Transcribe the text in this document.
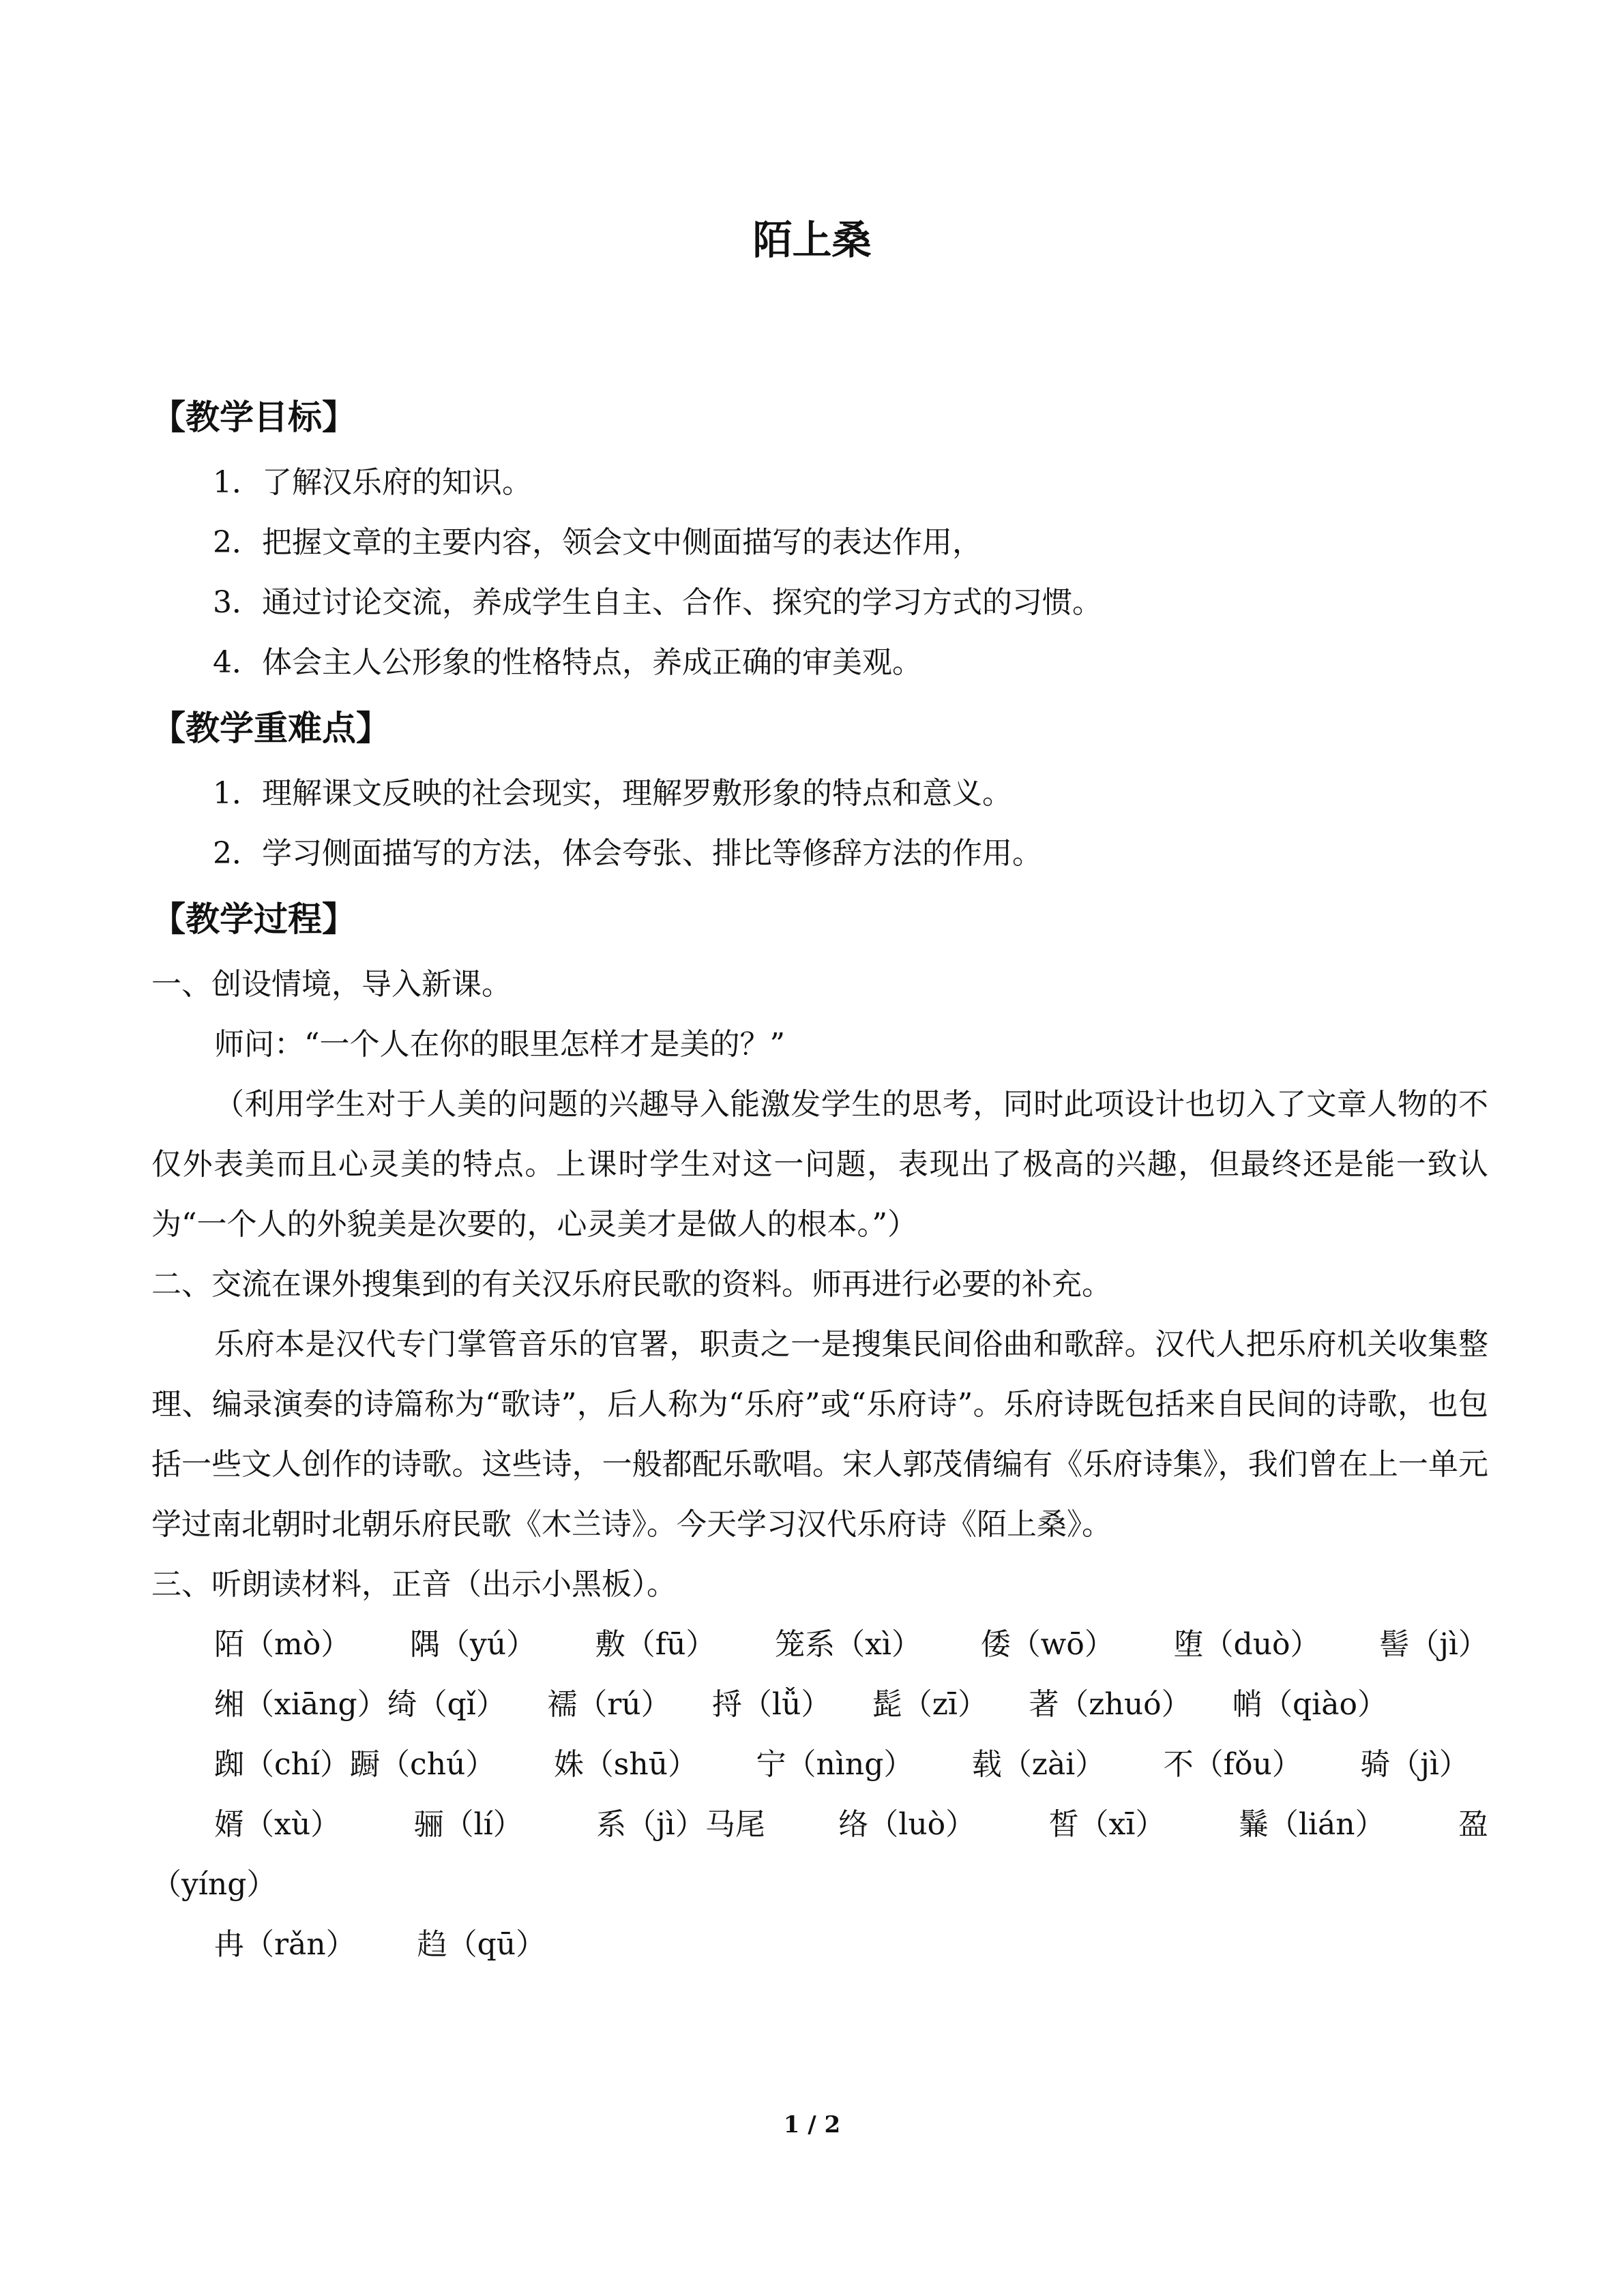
陌上桑
【教学目标】
1．了解汉乐府的知识。
2．把握文章的主要内容，领会文中侧面描写的表达作用，
3．通过讨论交流，养成学生自主、合作、探究的学习方式的习惯。
4．体会主人公形象的性格特点，养成正确的审美观。
【教学重难点】
1．理解课文反映的社会现实，理解罗敷形象的特点和意义。
2．学习侧面描写的方法，体会夸张、排比等修辞方法的作用。
【教学过程】
一、创设情境，导入新课。
师问：“一个人在你的眼里怎样才是美的？”
（利用学生对于人美的问题的兴趣导入能激发学生的思考，同时此项设计也切入了文章人物的不仅外表美而且心灵美的特点。上课时学生对这一问题，表现出了极高的兴趣，但最终还是能一致认为“一个人的外貌美是次要的，心灵美才是做人的根本。”）
二、交流在课外搜集到的有关汉乐府民歌的资料。师再进行必要的补充。
乐府本是汉代专门掌管音乐的官署，职责之一是搜集民间俗曲和歌辞。汉代人把乐府机关收集整理、编录演奏的诗篇称为“歌诗”，后人称为“乐府”或“乐府诗”。乐府诗既包括来自民间的诗歌，也包括一些文人创作的诗歌。这些诗，一般都配乐歌唱。宋人郭茂倩编有《乐府诗集》，我们曾在上一单元学过南北朝时北朝乐府民歌《木兰诗》。今天学习汉代乐府诗《陌上桑》。
三、听朗读材料，正音（出示小黑板）。
陌（mò） 隅（yú） 敷（fū） 笼系（xì） 倭（wō） 堕（duò） 髻（jì）
缃（xiāng）绮（qǐ） 襦（rú） 捋（lǚ） 髭（zī） 著（zhuó） 帩（qiào）
踟（chí）蹰（chú） 姝（shū） 宁（nìng） 载（zài） 不（fǒu） 骑（jì）
婿（xù） 骊（lí） 系（jì）马尾 络（luò） 皙（xī） 鬑（lián） 盈
（yíng）
冉（rǎn） 趋（qū）
1 / 2
